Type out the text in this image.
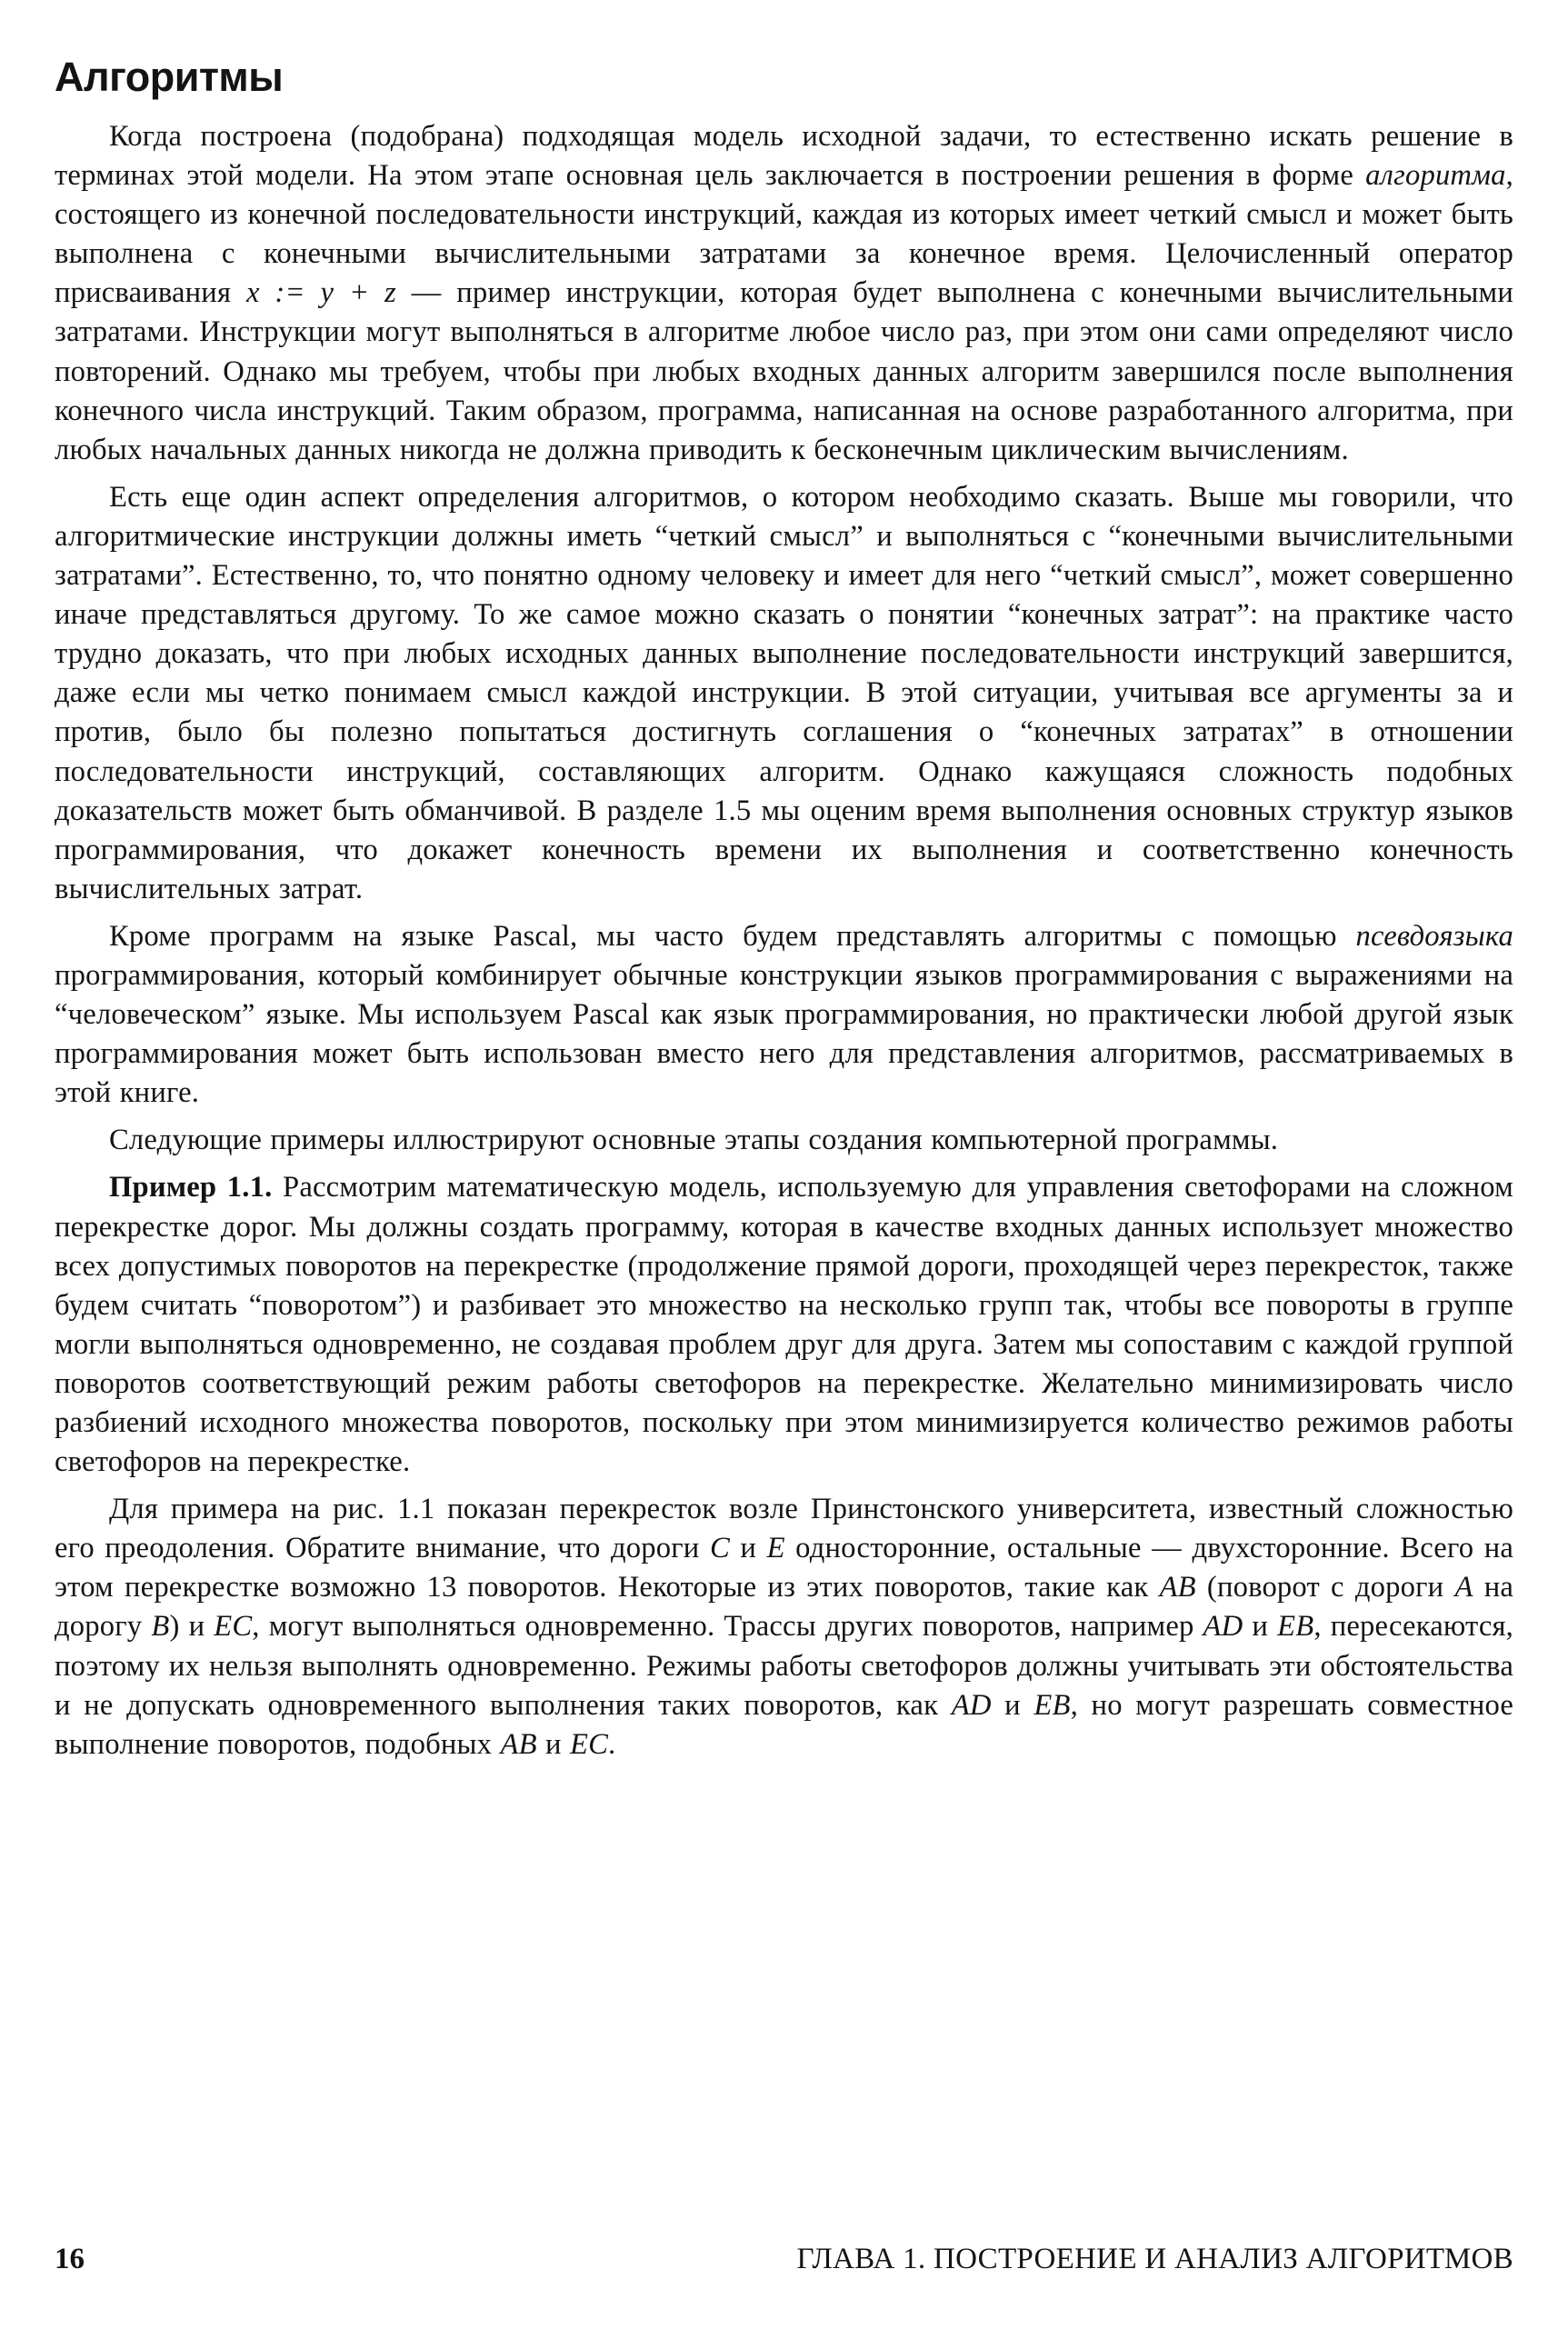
Алгоритмы

Когда построена (подобрана) подходящая модель исходной задачи, то естественно искать решение в терминах этой модели. На этом этапе основная цель заключается в построении решения в форме алгоритма, состоящего из конечной последовательности инструкций, каждая из которых имеет четкий смысл и может быть выполнена с конечными вычислительными затратами за конечное время. Целочисленный оператор присваивания x := y + z — пример инструкции, которая будет выполнена с конечными вычислительными затратами. Инструкции могут выполняться в алгоритме любое число раз, при этом они сами определяют число повторений. Однако мы требуем, чтобы при любых входных данных алгоритм завершился после выполнения конечного числа инструкций. Таким образом, программа, написанная на основе разработанного алгоритма, при любых начальных данных никогда не должна приводить к бесконечным циклическим вычислениям.

Есть еще один аспект определения алгоритмов, о котором необходимо сказать. Выше мы говорили, что алгоритмические инструкции должны иметь “четкий смысл” и выполняться с “конечными вычислительными затратами”. Естественно, то, что понятно одному человеку и имеет для него “четкий смысл”, может совершенно иначе представляться другому. То же самое можно сказать о понятии “конечных затрат”: на практике часто трудно доказать, что при любых исходных данных выполнение последовательности инструкций завершится, даже если мы четко понимаем смысл каждой инструкции. В этой ситуации, учитывая все аргументы за и против, было бы полезно попытаться достигнуть соглашения о “конечных затратах” в отношении последовательности инструкций, составляющих алгоритм. Однако кажущаяся сложность подобных доказательств может быть обманчивой. В разделе 1.5 мы оценим время выполнения основных структур языков программирования, что докажет конечность времени их выполнения и соответственно конечность вычислительных затрат.

Кроме программ на языке Pascal, мы часто будем представлять алгоритмы с помощью псевдоязыка программирования, который комбинирует обычные конструкции языков программирования с выражениями на “человеческом” языке. Мы используем Pascal как язык программирования, но практически любой другой язык программирования может быть использован вместо него для представления алгоритмов, рассматриваемых в этой книге.

Следующие примеры иллюстрируют основные этапы создания компьютерной программы.

Пример 1.1. Рассмотрим математическую модель, используемую для управления светофорами на сложном перекрестке дорог. Мы должны создать программу, которая в качестве входных данных использует множество всех допустимых поворотов на перекрестке (продолжение прямой дороги, проходящей через перекресток, также будем считать “поворотом”) и разбивает это множество на несколько групп так, чтобы все повороты в группе могли выполняться одновременно, не создавая проблем друг для друга. Затем мы сопоставим с каждой группой поворотов соответствующий режим работы светофоров на перекрестке. Желательно минимизировать число разбиений исходного множества поворотов, поскольку при этом минимизируется количество режимов работы светофоров на перекрестке.

Для примера на рис. 1.1 показан перекресток возле Принстонского университета, известный сложностью его преодоления. Обратите внимание, что дороги C и E односторонние, остальные — двухсторонние. Всего на этом перекрестке возможно 13 поворотов. Некоторые из этих поворотов, такие как AB (поворот с дороги A на дорогу B) и EC, могут выполняться одновременно. Трассы других поворотов, например AD и EB, пересекаются, поэтому их нельзя выполнять одновременно. Режимы работы светофоров должны учитывать эти обстоятельства и не допускать одновременного выполнения таких поворотов, как AD и EB, но могут разрешать совместное выполнение поворотов, подобных AB и EC.

16	ГЛАВА 1. ПОСТРОЕНИЕ И АНАЛИЗ АЛГОРИТМОВ
